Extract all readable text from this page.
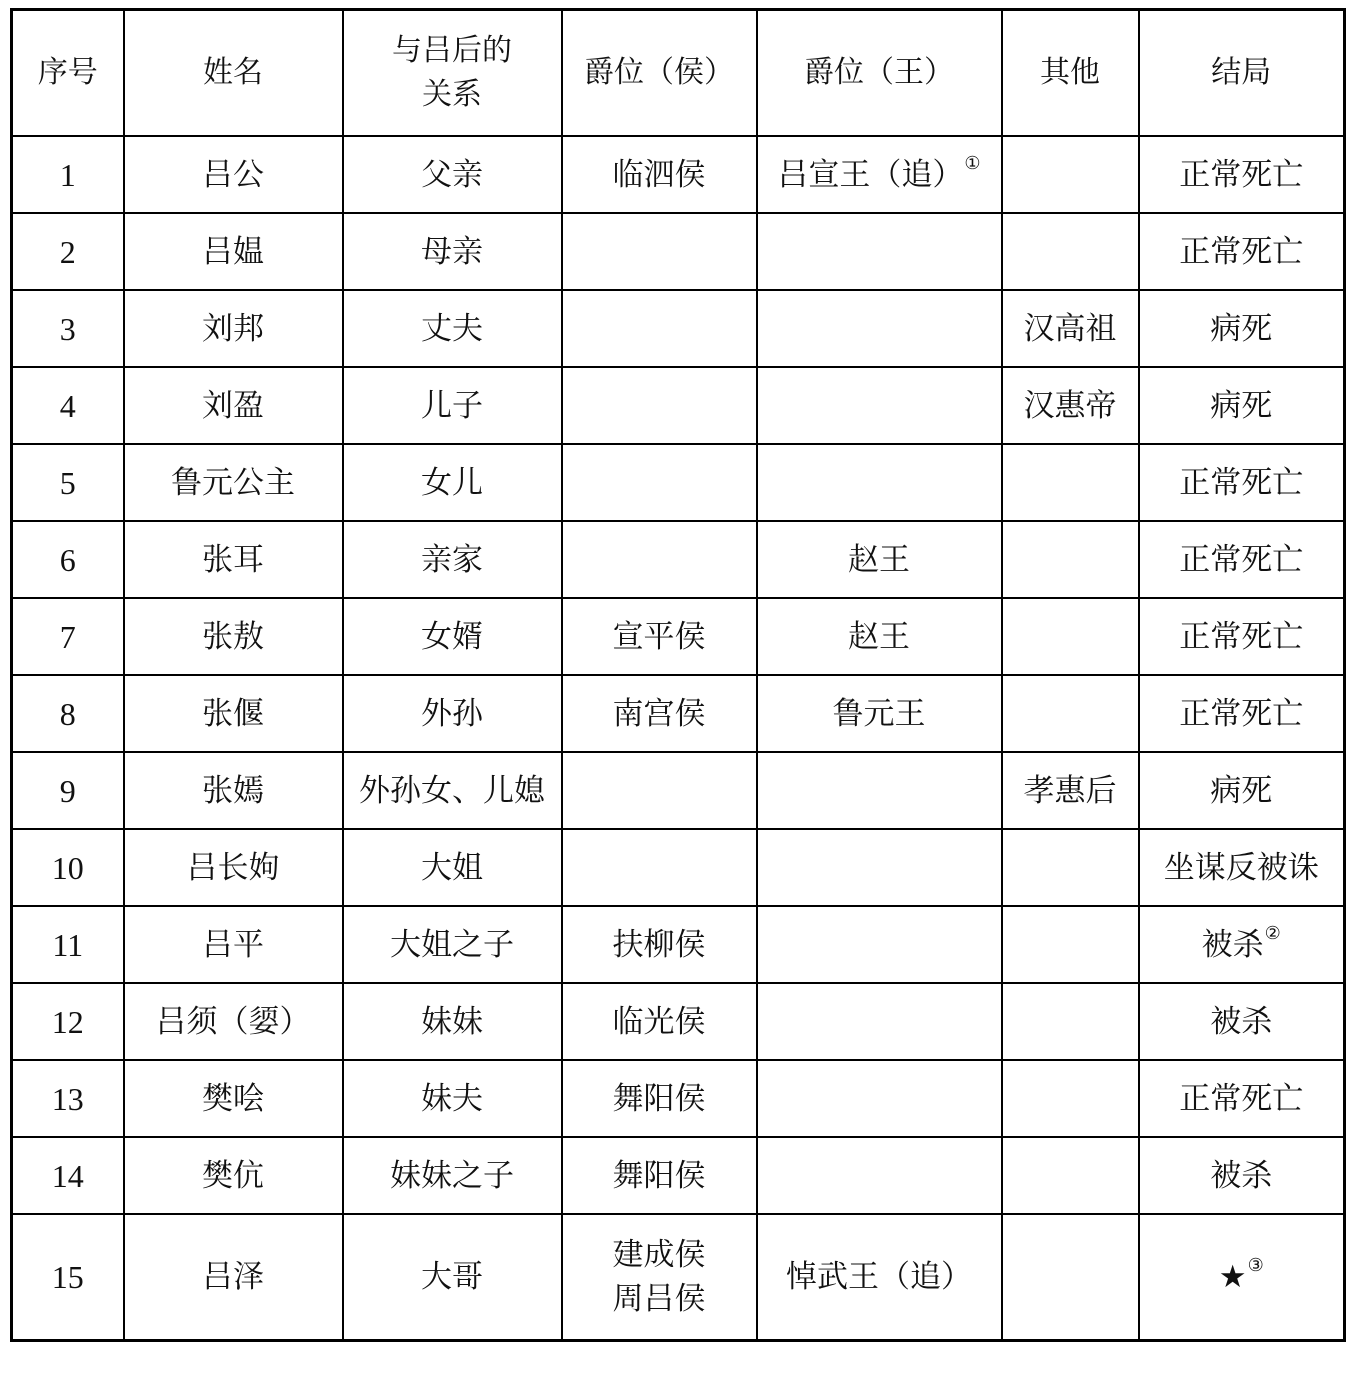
序号	姓名	与吕后的
关系	爵位（侯）	爵位（王）	其他	结局
1	吕公	父亲	临泗侯	吕宣王（追）①		正常死亡
2	吕媪	母亲				正常死亡
3	刘邦	丈夫			汉高祖	病死
4	刘盈	儿子			汉惠帝	病死
5	鲁元公主	女儿				正常死亡
6	张耳	亲家		赵王		正常死亡
7	张敖	女婿	宣平侯	赵王		正常死亡
8	张偃	外孙	南宫侯	鲁元王		正常死亡
9	张嫣	外孙女、儿媳			孝惠后	病死
10	吕长姁	大姐				坐谋反被诛
11	吕平	大姐之子	扶柳侯			被杀②
12	吕须（媭）	妹妹	临光侯			被杀
13	樊哙	妹夫	舞阳侯			正常死亡
14	樊伉	妹妹之子	舞阳侯			被杀
15	吕泽	大哥	建成侯
周吕侯	悼武王（追）		★③
